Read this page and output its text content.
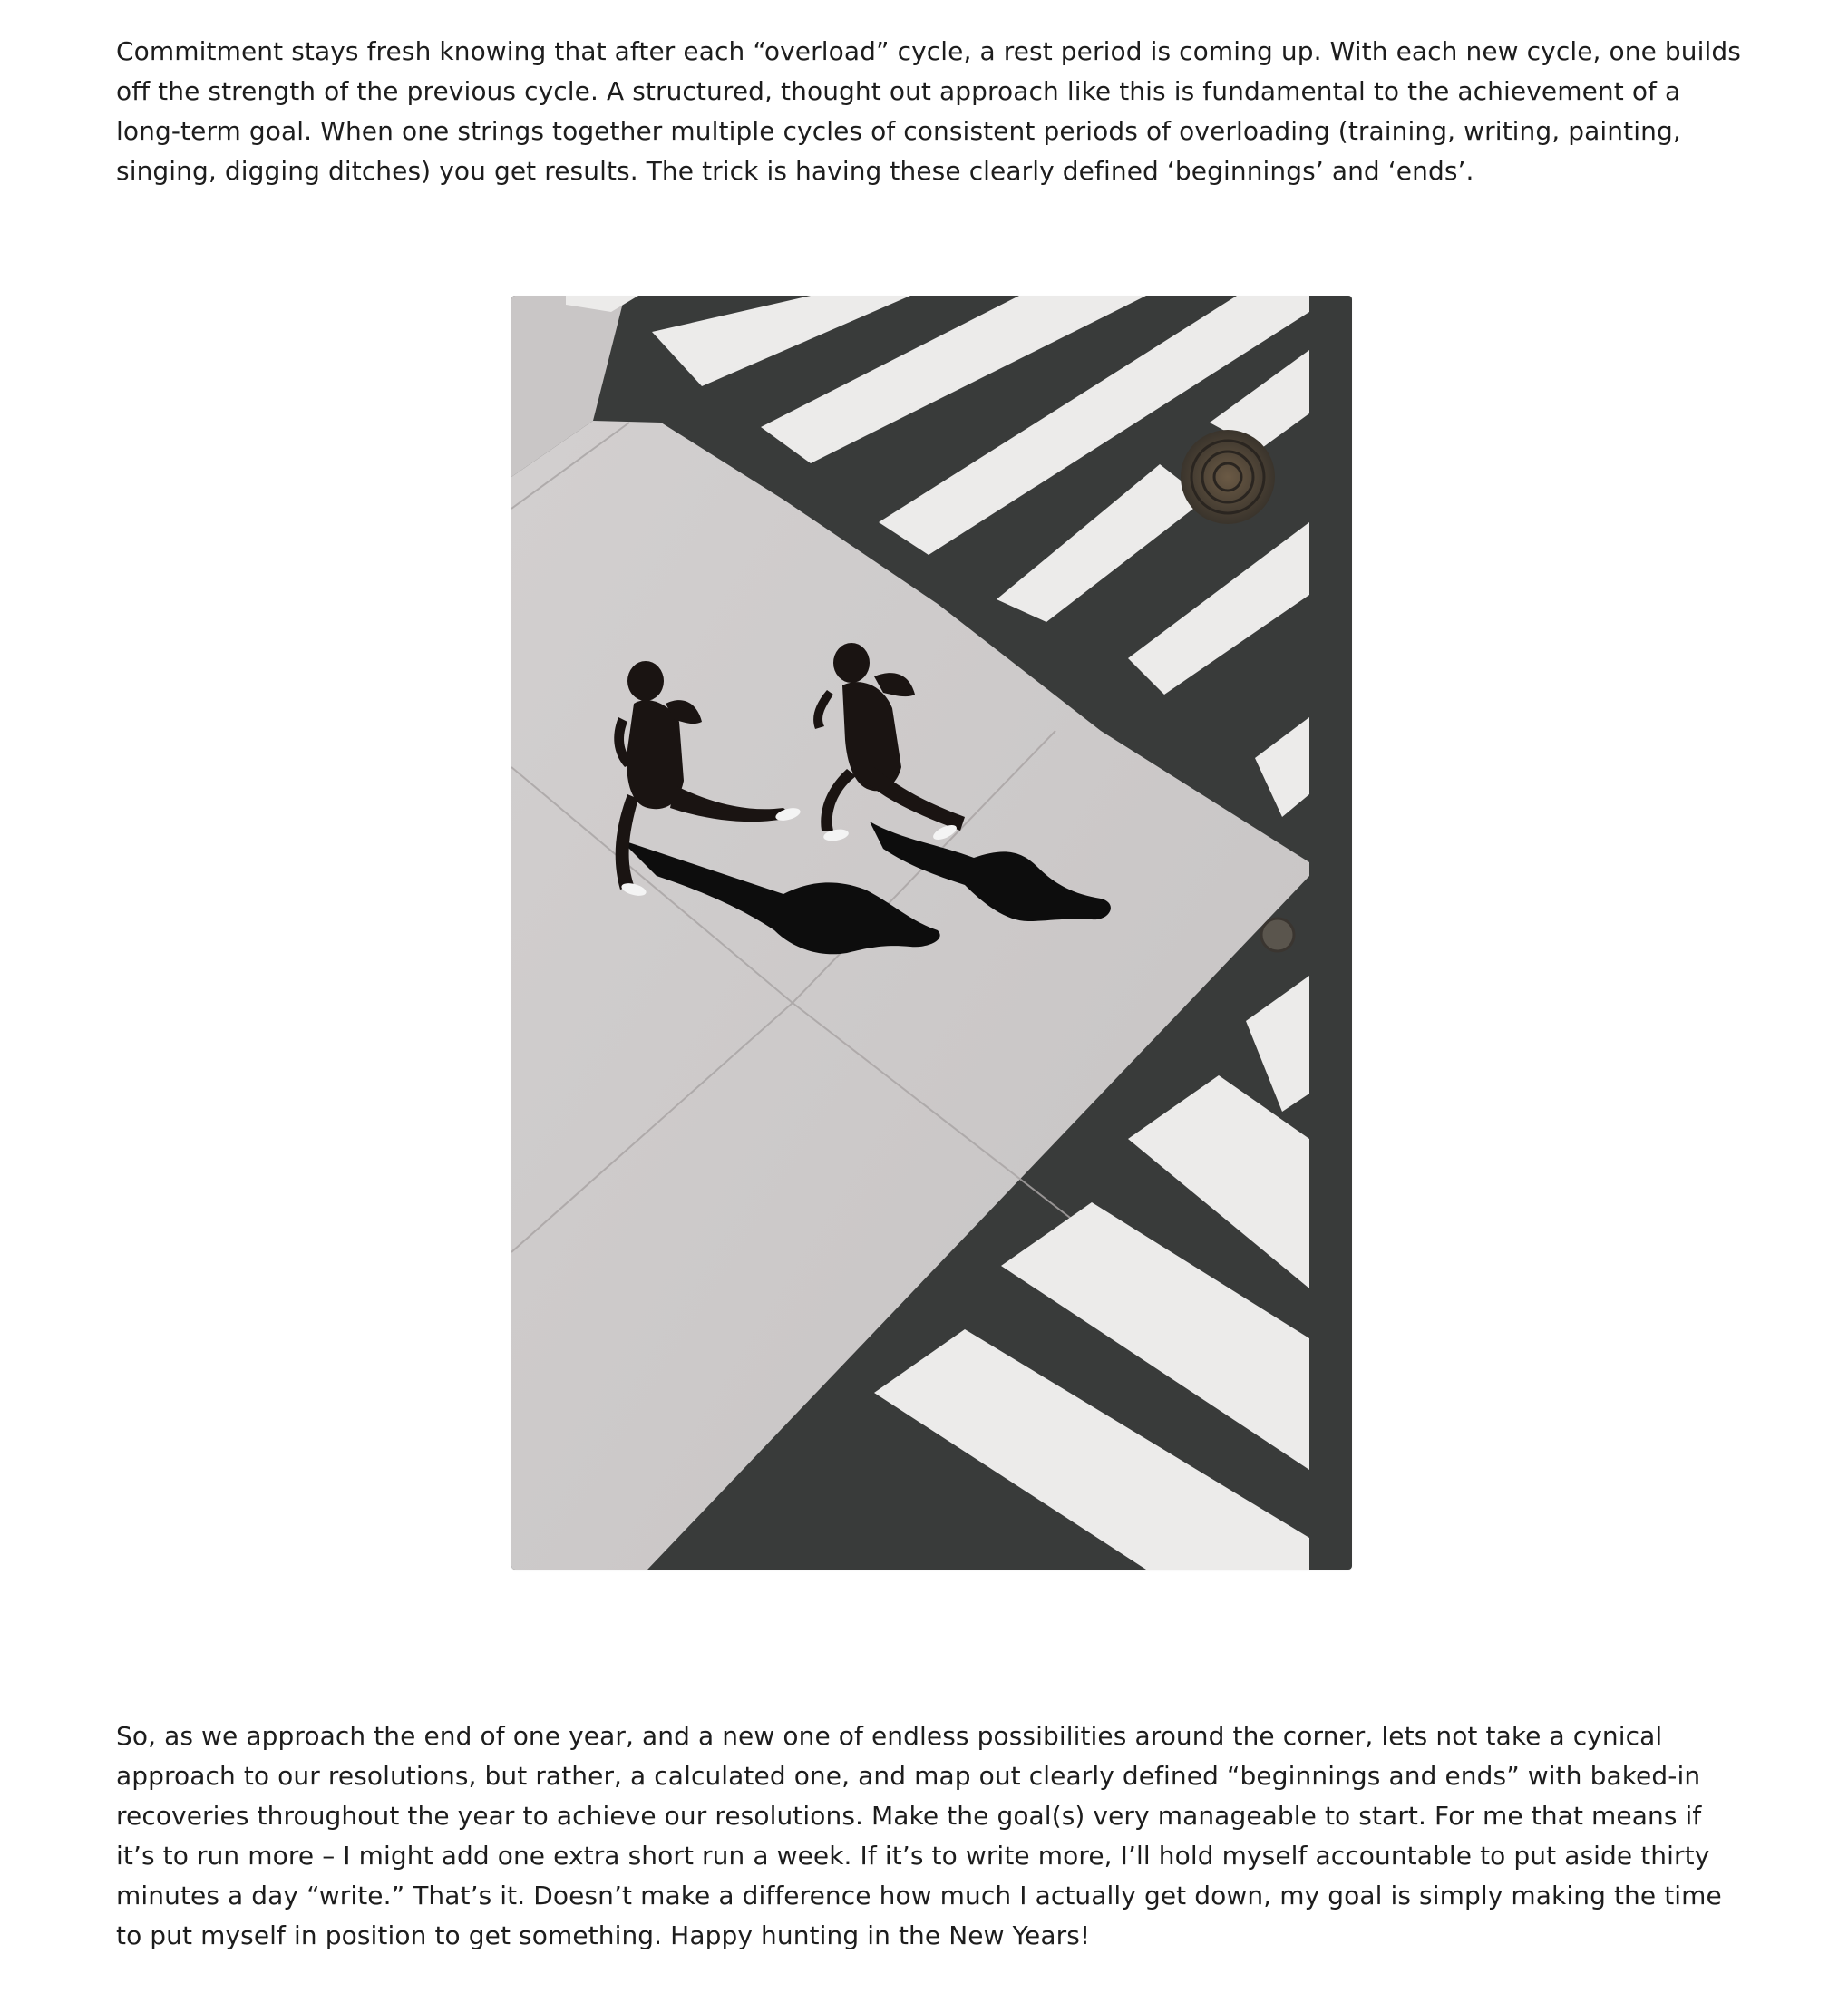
Commitment stays fresh knowing that after each “overload” cycle, a rest period is coming up. With each new cycle, one builds off the strength of the previous cycle. A structured, thought out approach like this is fundamental to the achievement of a long-term goal. When one strings together multiple cycles of consistent periods of overloading (training, writing, painting, singing, digging ditches) you get results. The trick is having these clearly defined ‘beginnings’ and ‘ends’.

So, as we approach the end of one year, and a new one of endless possibilities around the corner, lets not take a cynical approach to our resolutions, but rather, a calculated one, and map out clearly defined “beginnings and ends” with baked-in recoveries throughout the year to achieve our resolutions. Make the goal(s) very manageable to start. For me that means if it’s to run more – I might add one extra short run a week. If it’s to write more, I’ll hold myself accountable to put aside thirty minutes a day “write.” That’s it. Doesn’t make a difference how much I actually get down, my goal is simply making the time to put myself in position to get something. Happy hunting in the New Years!
